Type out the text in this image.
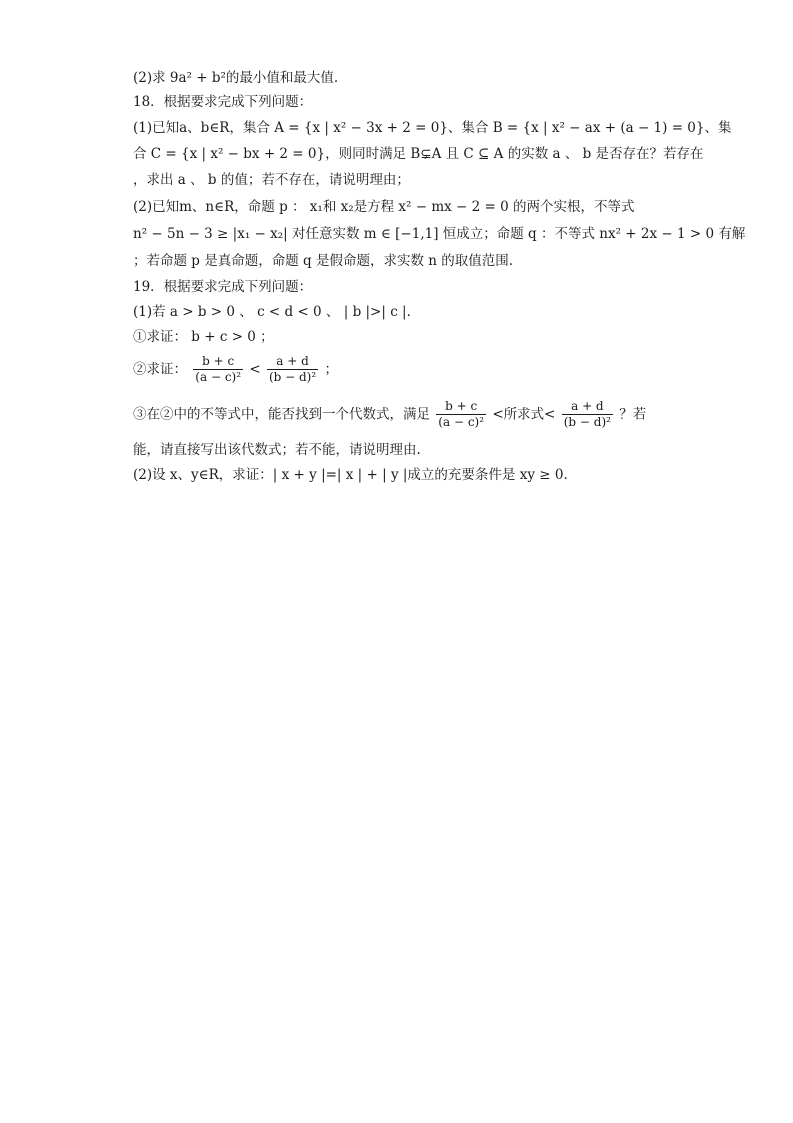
(2)求 9a² + b²的最小值和最大值.
18．根据要求完成下列问题：
(1)已知a、b∈R，集合 A = {x | x² − 3x + 2 = 0}、集合 B = {x | x² − ax + (a − 1) = 0}、集
合 C = {x | x² − bx + 2 = 0}，则同时满足 B⊊A 且 C ⊆ A 的实数 a 、 b 是否存在？若存在
，求出 a 、 b 的值；若不存在，请说明理由；
(2)已知m、n∈R，命题 p ： x₁和 x₂是方程 x² − mx − 2 = 0 的两个实根，不等式
n² − 5n − 3 ≥ |x₁ − x₂| 对任意实数 m ∈ [−1,1] 恒成立；命题 q ：不等式 nx² + 2x − 1 > 0 有解
；若命题 p 是真命题，命题 q 是假命题，求实数 n 的取值范围.
19．根据要求完成下列问题：
(1)若 a > b > 0 、 c < d < 0 、 | b |>| c |.
①求证： b + c > 0 ；
②求证： $\frac{b + c}{\text{(a − c)²}} < \frac{a + d}{\text{(b − d)²}}$ ；
③在②中的不等式中，能否找到一个代数式，满足 $\frac{b + c}{\text{(a − c)²}}$ <所求式< $\frac{a + d}{\text{(b − d)²}}$ ？若
能，请直接写出该代数式；若不能，请说明理由.
(2)设 x、y∈R，求证：| x + y |=| x | + | y |成立的充要条件是 xy ≥ 0.
